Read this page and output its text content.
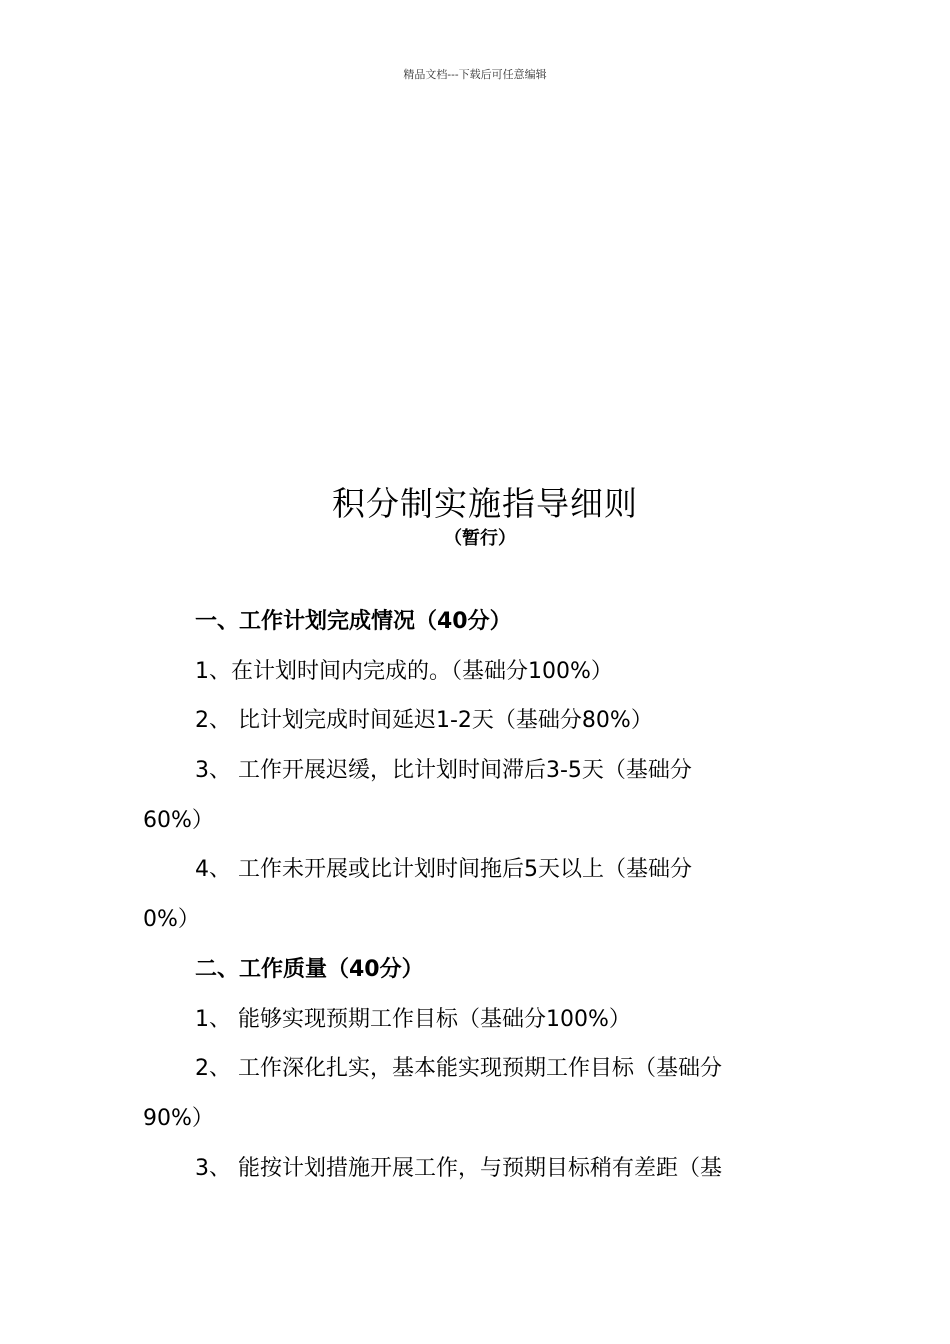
精品文档---下载后可任意编辑
积分制实施指导细则
（暂行）
一、工作计划完成情况（40分）
1、在计划时间内完成的。（基础分100%）
2、 比计划完成时间延迟1-2天（基础分80%）
3、 工作开展迟缓，比计划时间滞后3-5天（基础分
60%）
4、 工作未开展或比计划时间拖后5天以上（基础分
0%）
二、工作质量（40分）
1、 能够实现预期工作目标（基础分100%）
2、 工作深化扎实，基本能实现预期工作目标（基础分
90%）
3、 能按计划措施开展工作，与预期目标稍有差距（基
